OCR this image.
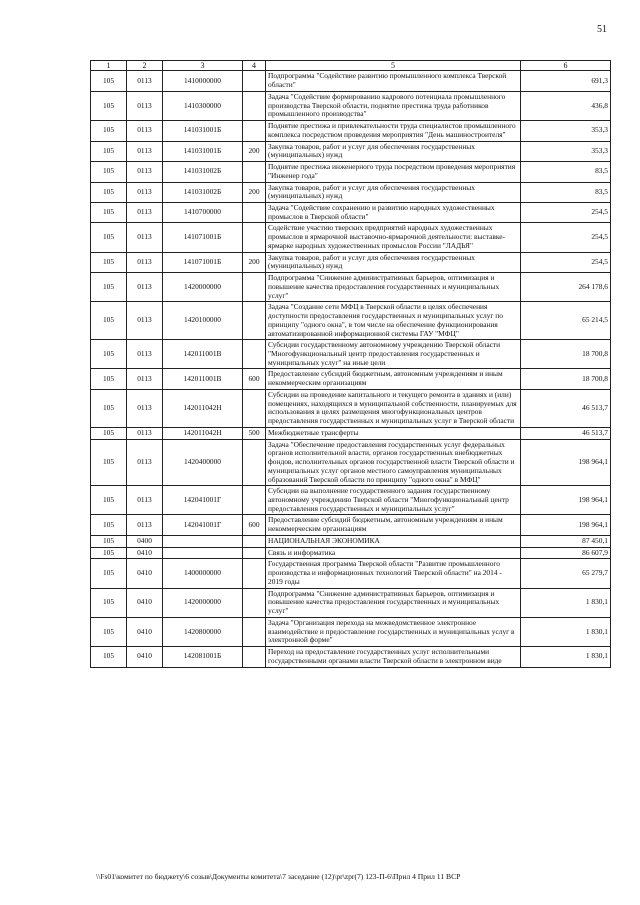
51
1	2	3	4	5	6
105	0113	1410000000		Подпрограмма "Содействие развитию промышленного комплекса Тверской области"	691,3
105	0113	1410300000		Задача "Содействие формированию кадрового потенциала промышленного производства Тверской области, поднятие престижа труда работников промышленного производства"	436,8
105	0113	141031001Б		Поднятие престижа и привлекательности труда специалистов промышленного комплекса посредством проведения мероприятия "День машиностроителя"	353,3
105	0113	141031001Б	200	Закупка товаров, работ и услуг для обеспечения государственных (муниципальных) нужд	353,3
105	0113	141031002Б		Поднятие престижа инженерного труда посредством проведения мероприятия "Инженер года"	83,5
105	0113	141031002Б	200	Закупка товаров, работ и услуг для обеспечения государственных (муниципальных) нужд	83,5
105	0113	1410700000		Задача "Содействие сохранению и развитию народных художественных промыслов в Тверской области"	254,5
105	0113	141071001Б		Содействие участию тверских предприятий народных художественных промыслов в ярмарочной выставочно-ярмарочной деятельности: выставке-ярмарке народных художественных промыслов России "ЛАДЬЯ"	254,5
105	0113	141071001Б	200	Закупка товаров, работ и услуг для обеспечения государственных (муниципальных) нужд	254,5
105	0113	1420000000		Подпрограмма "Снижение административных барьеров, оптимизация и повышение качества предоставления государственных и муниципальных услуг"	264 178,6
105	0113	1420100000		Задача "Создание сети МФЦ в Тверской области в целях обеспечения доступности предоставления государственных и муниципальных услуг по принципу "одного окна", в том числе на обеспечение функционирования автоматизированной информационной системы ГАУ "МФЦ"	65 214,5
105	0113	142011001В		Субсидии государственному автономному учреждению Тверской области "Многофункциональный центр предоставления государственных и муниципальных услуг" на иные цели	18 700,8
105	0113	142011001В	600	Предоставление субсидий бюджетным, автономным учреждениям и иным некоммерческим организациям	18 700,8
105	0113	142011042Н		Субсидии на проведение капитального и текущего ремонта в зданиях и (или) помещениях, находящихся в муниципальной собственности, планируемых для использования в целях размещения многофункциональных центров предоставления государственных и муниципальных услуг в Тверской области	46 513,7
105	0113	142011042Н	500	Межбюджетные трансферты	46 513,7
105	0113	1420400000		Задача "Обеспечение предоставления государственных услуг федеральных органов исполнительной власти, органов государственных внебюджетных фондов, исполнительных органов государственной власти Тверской области и муниципальных услуг органов местного самоуправления муниципальных образований Тверской области по принципу "одного окна" в МФЦ"	198 964,1
105	0113	142041001Г		Субсидии на выполнение государственного задания государственному автономному учреждению Тверской области "Многофункциональный центр предоставления государственных и муниципальных услуг"	198 964,1
105	0113	142041001Г	600	Предоставление субсидий бюджетным, автономным учреждениям и иным некоммерческим организациям	198 964,1
105	0400			НАЦИОНАЛЬНАЯ ЭКОНОМИКА	87 450,1
105	0410			Связь и информатика	86 607,9
105	0410	1400000000		Государственная программа Тверской области "Развитие промышленного производства и информационных технологий Тверской области" на 2014 - 2019 годы	65 279,7
105	0410	1420000000		Подпрограмма "Снижение административных барьеров, оптимизация и повышение качества предоставления государственных и муниципальных услуг"	1 830,1
105	0410	1420800000		Задача "Организация перехода на межведомственное электронное взаимодействие и предоставление государственных и муниципальных услуг в электронной форме"	1 830,1
105	0410	142081001Б		Переход на предоставление государственных услуг исполнительными государственными органами власти Тверской области в электронном виде	1 830,1
\\Fs01\комитет по бюджету\6 созыв\Документы комитета\7 заседание (12)\pr\zpr(7) 123-П-6\Прил 4 Прил 11 ВСР
